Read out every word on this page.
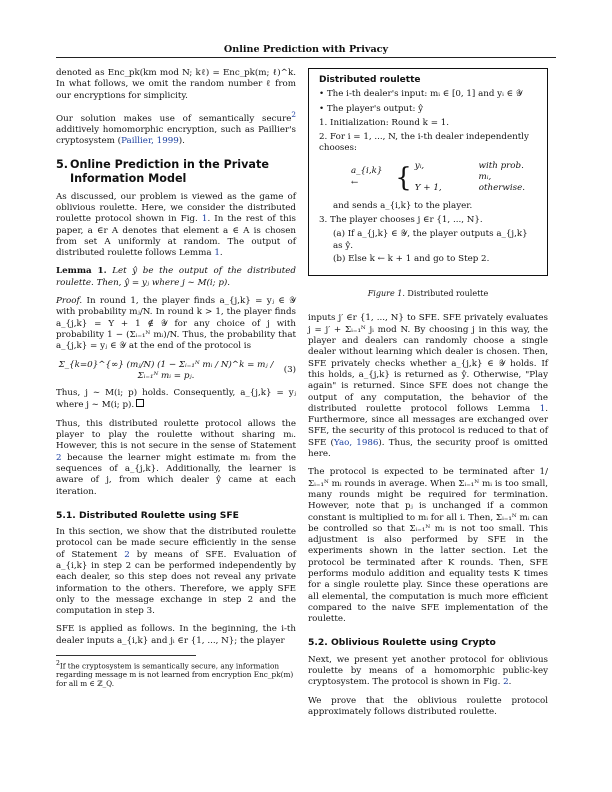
Online Prediction with Privacy

denoted as Enc_pk(km mod N; kℓ) = Enc_pk(m; ℓ)^k. In what follows, we omit the random number ℓ from our encryptions for simplicity.

Our solution makes use of semantically secure$^2$ additively homomorphic encryption, such as Paillier's cryptosystem (Paillier, 1999).

5. Online Prediction in the Private
Information Model

As discussed, our problem is viewed as the game of oblivious roulette. Here, we consider the distributed roulette protocol shown in Fig. 1. In the rest of this paper, a ∈r A denotes that element a ∈ A is chosen from set A uniformly at random. The output of distributed roulette follows Lemma 1.

Lemma 1. Let ŷ be the output of the distributed roulette. Then, ŷ = yⱼ where j ∼ M(i; p).

Proof. In round 1, the player finds a_{j,k} = yⱼ ∈ 𝒴 with probability mⱼ/N. In round k > 1, the player finds a_{j,k} = Y + 1 ∉ 𝒴 for any choice of j with probability 1 − (Σᵢ₌₁ᴺ mᵢ)/N. Thus, the probability that a_{j,k} = yⱼ ∈ 𝒴 at the end of the protocol is

Σ_{k=0}^{∞} (mⱼ/N) (1 − Σᵢ₌₁ᴺ mᵢ / N)^k = mⱼ / Σᵢ₌₁ᴺ mᵢ = pⱼ.
(3)

Thus, j ∼ M(i; p) holds. Consequently, a_{j,k} = yⱼ where j ∼ M(i; p).

Thus, this distributed roulette protocol allows the player to play the roulette without sharing mᵢ. However, this is not secure in the sense of Statement 2 because the learner might estimate mᵢ from the sequences of a_{j,k}. Additionally, the learner is aware of j, from which dealer ŷ came at each iteration.

5.1. Distributed Roulette using SFE

In this section, we show that the distributed roulette protocol can be made secure efficiently in the sense of Statement 2 by means of SFE. Evaluation of a_{i,k} in step 2 can be performed independently by each dealer, so this step does not reveal any private information to the others. Therefore, we apply SFE only to the message exchange in step 2 and the computation in step 3.

SFE is applied as follows. In the beginning, the i-th dealer inputs a_{i,k} and jᵢ ∈r {1, ..., N}; the player

$^2$If the cryptosystem is semantically secure, any information regarding message m is not learned from encryption Enc_pk(m) for all m ∈ ℤ_Q.
Distributed roulette
• The i-th dealer's input: mᵢ ∈ [0, 1] and yᵢ ∈ 𝒴
• The player's output: ŷ
1. Initialization: Round k = 1.
2. For i = 1, ..., N, the i-th dealer independently chooses:
a_{i,k} ←	{ yᵢ,	with prob. mᵢ,
Y + 1,	otherwise.
and sends a_{i,k} to the player.
3. The player chooses j ∈r {1, ..., N}.
(a) If a_{j,k} ∈ 𝒴, the player outputs a_{j,k} as ŷ.
(b) Else k ← k + 1 and go to Step 2.
Figure 1. Distributed roulette

inputs j′ ∈r {1, ..., N} to SFE. SFE privately evaluates j = j′ + Σᵢ₌₁ᴺ jᵢ mod N. By choosing j in this way, the player and dealers can randomly choose a single dealer without learning which dealer is chosen. Then, SFE privately checks whether a_{j,k} ∈ 𝒴 holds. If this holds, a_{j,k} is returned as ŷ. Otherwise, "Play again" is returned. Since SFE does not change the output of any computation, the behavior of the distributed roulette protocol follows Lemma 1. Furthermore, since all messages are exchanged over SFE, the security of this protocol is reduced to that of SFE (Yao, 1986). Thus, the security proof is omitted here.

The protocol is expected to be terminated after 1/Σᵢ₌₁ᴺ mᵢ rounds in average. When Σᵢ₌₁ᴺ mᵢ is too small, many rounds might be required for termination. However, note that pⱼ is unchanged if a common constant is multiplied to mᵢ for all i. Then, Σᵢ₌₁ᴺ mᵢ can be controlled so that Σᵢ₌₁ᴺ mᵢ is not too small. This adjustment is also performed by SFE in the experiments shown in the latter section. Let the protocol be terminated after K rounds. Then, SFE performs modulo addition and equality tests K times for a single roulette play. Since these operations are all elemental, the computation is much more efficient compared to the naive SFE implementation of the roulette.

5.2. Oblivious Roulette using Crypto

Next, we present yet another protocol for oblivious roulette by means of a homomorphic public-key cryptosystem. The protocol is shown in Fig. 2.

We prove that the oblivious roulette protocol approximately follows distributed roulette.
